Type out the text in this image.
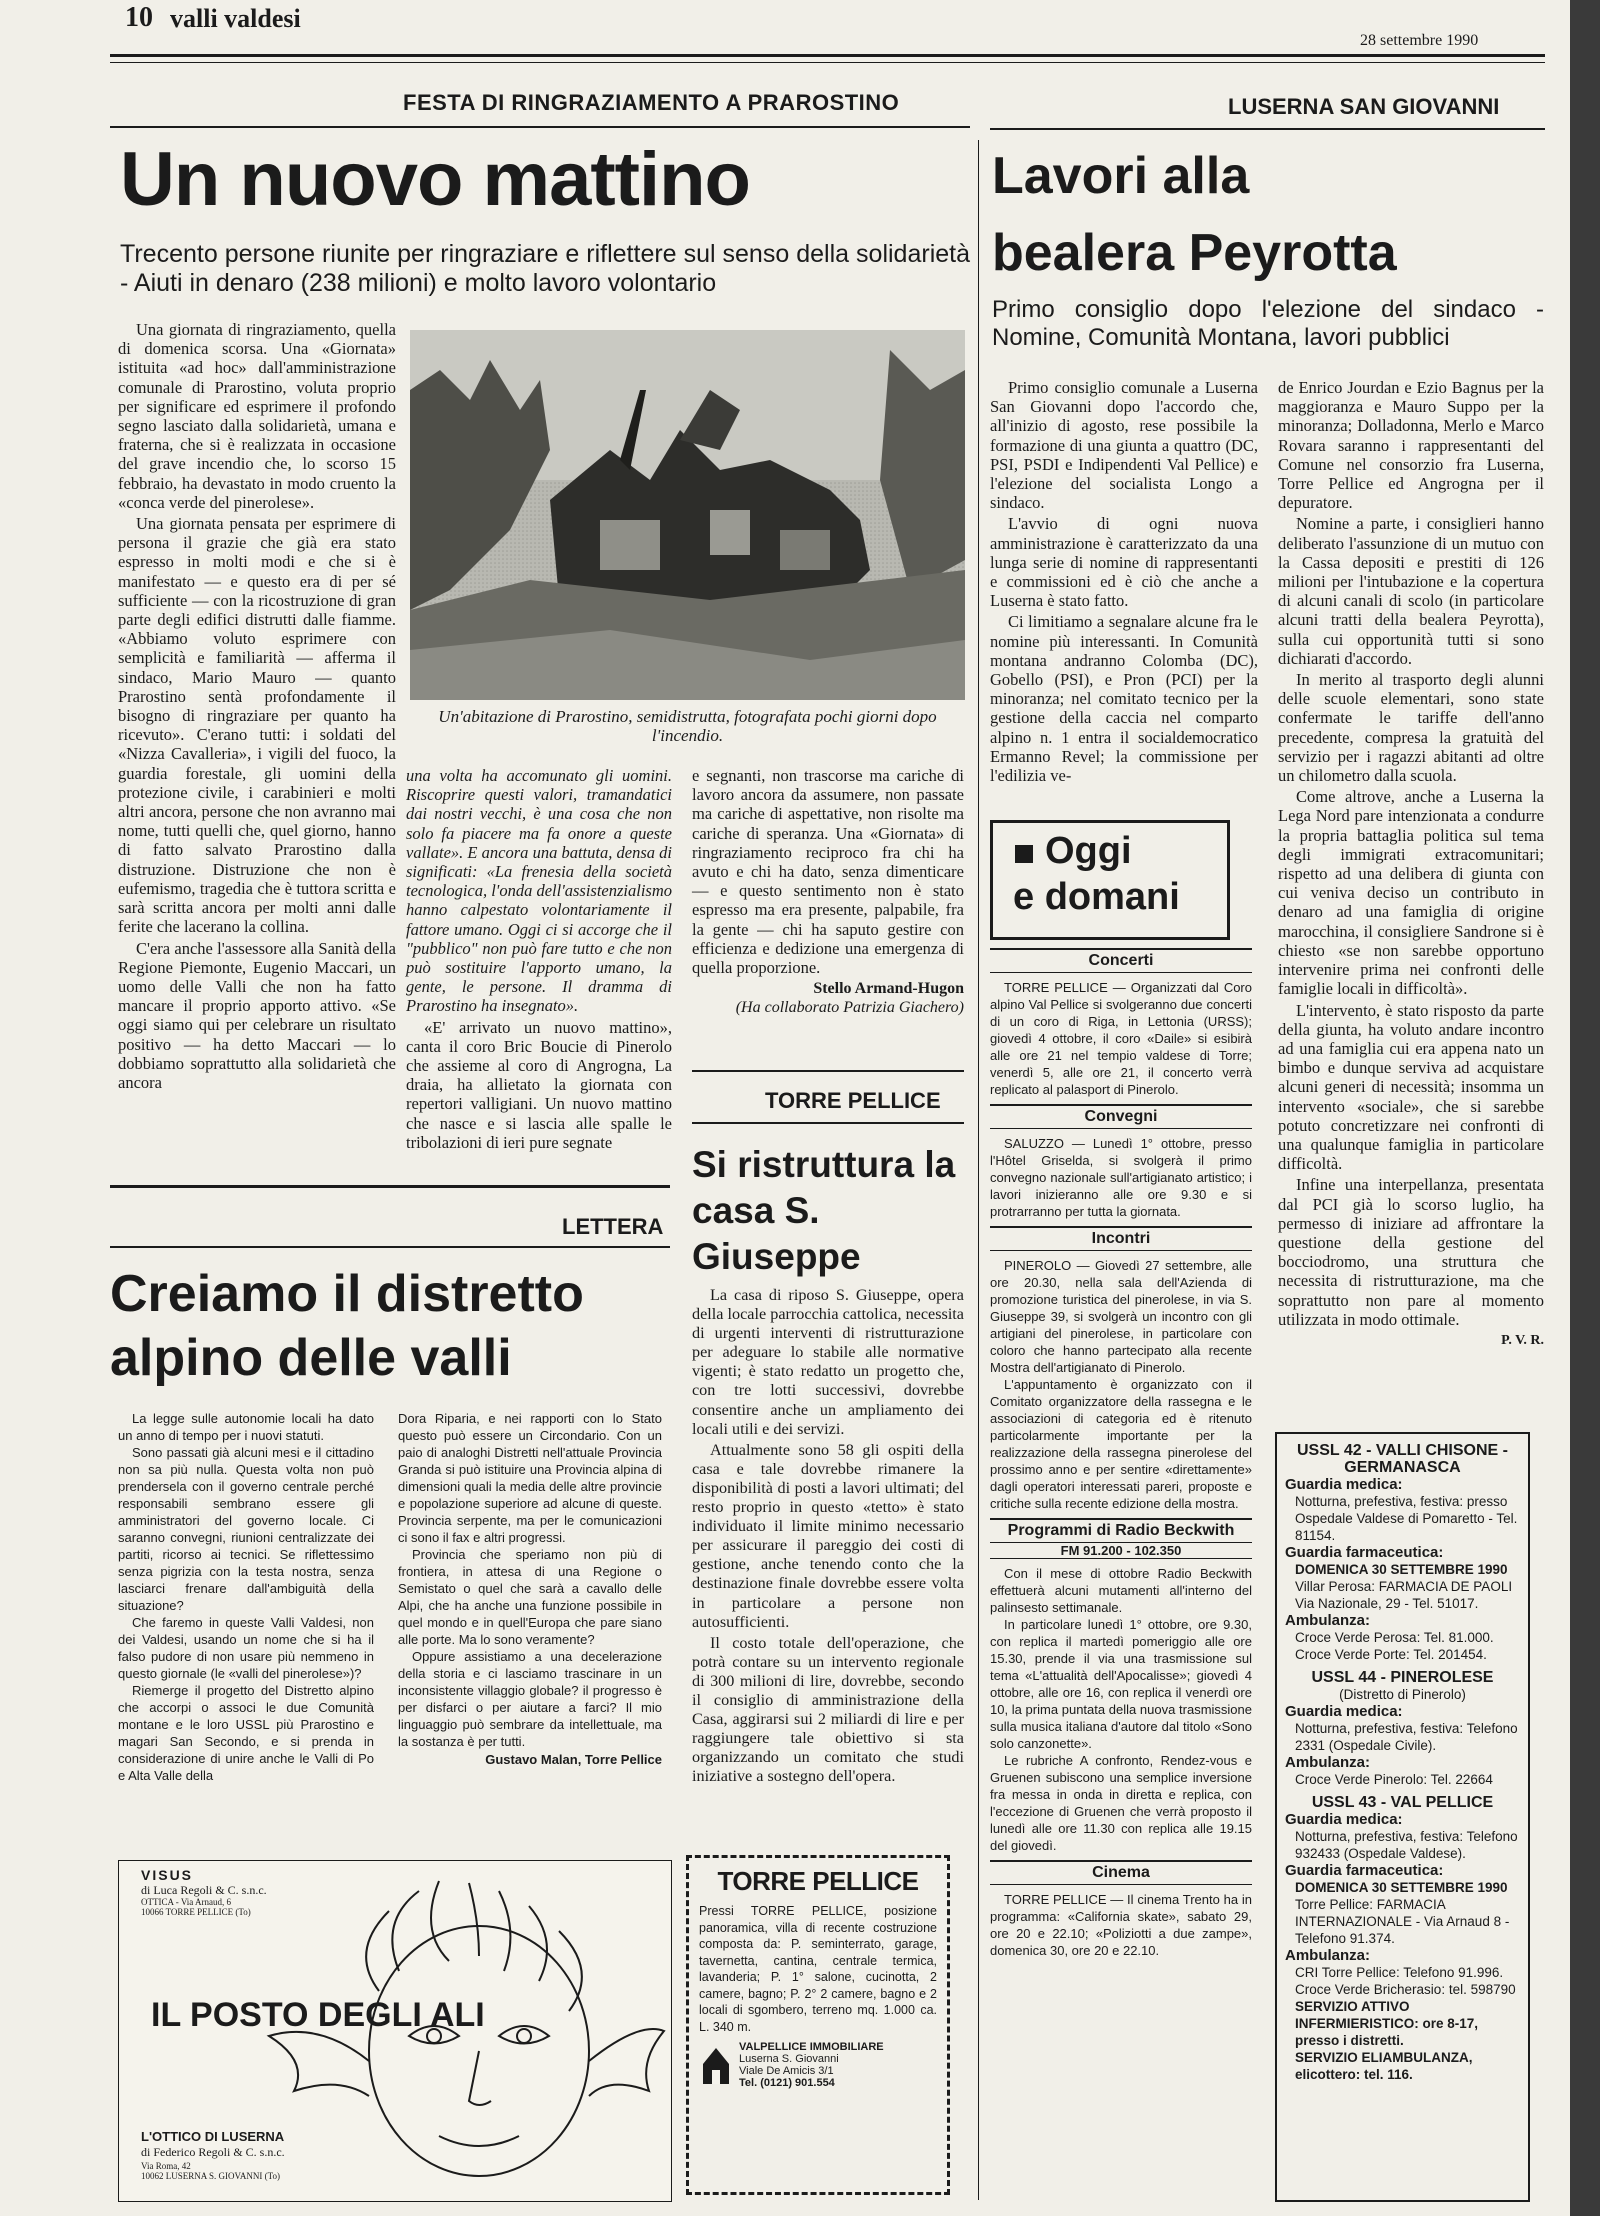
10 valli valdesi
28 settembre 1990
FESTA DI RINGRAZIAMENTO A PRAROSTINO	LUSERNA SAN GIOVANNI
Un nuovo mattino
Trecento persone riunite per ringraziare e riflettere sul senso della solidarietà - Aiuti in denaro (238 milioni) e molto lavoro volontario

Una giornata di ringraziamento, quella di domenica scorsa. Una «Giornata» istituita «ad hoc» dall'amministrazione comunale di Prarostino, voluta proprio per significare ed esprimere il profondo segno lasciato dalla solidarietà, umana e fraterna, che si è realizzata in occasione del grave incendio che, lo scorso 15 febbraio, ha devastato in modo cruento la «conca verde del pinerolese».

Una giornata pensata per esprimere di persona il grazie che già era stato espresso in molti modi e che si è manifestato — e questo era di per sé sufficiente — con la ricostruzione di gran parte degli edifici distrutti dalle fiamme. «Abbiamo voluto esprimere con semplicità e familiarità — afferma il sindaco, Mario Mauro — quanto Prarostino sentà profondamente il bisogno di ringraziare per quanto ha ricevuto». C'erano tutti: i soldati del «Nizza Cavalleria», i vigili del fuoco, la guardia forestale, gli uomini della protezione civile, i carabinieri e molti altri ancora, persone che non avranno mai nome, tutti quelli che, quel giorno, hanno di fatto salvato Prarostino dalla distruzione. Distruzione che non è eufemismo, tragedia che è tuttora scritta e sarà scritta ancora per molti anni dalle ferite che lacerano la collina.

C'era anche l'assessore alla Sanità della Regione Piemonte, Eugenio Maccari, un uomo delle Valli che non ha fatto mancare il proprio apporto attivo. «Se oggi siamo qui per celebrare un risultato positivo — ha detto Maccari — lo dobbiamo soprattutto alla solidarietà che ancora

Un'abitazione di Prarostino, semidistrutta, fotografata pochi giorni dopo l'incendio.

una volta ha accomunato gli uomini. Riscoprire questi valori, tramandatici dai nostri vecchi, è una cosa che non solo fa piacere ma fa onore a queste vallate». E ancora una battuta, densa di significati: «La frenesia della società tecnologica, l'onda dell'assistenzialismo hanno calpestato volontariamente il fattore umano. Oggi ci si accorge che il "pubblico" non può fare tutto e che non può sostituire l'apporto umano, la gente, le persone. Il dramma di Prarostino ha insegnato».

«E' arrivato un nuovo mattino», canta il coro Bric Boucie di Pinerolo che assieme al coro di Angrogna, La draia, ha allietato la giornata con repertori valligiani. Un nuovo mattino che nasce e si lascia alle spalle le tribolazioni di ieri pure segnate

e segnanti, non trascorse ma cariche di lavoro ancora da assumere, non passate ma cariche di aspettative, non risolte ma cariche di speranza. Una «Giornata» di ringraziamento reciproco fra chi ha avuto e chi ha dato, senza dimenticare — e questo sentimento non è stato espresso ma era presente, palpabile, fra la gente — chi ha saputo gestire con efficienza e dedizione una emergenza di quella proporzione.

Stello Armand-Hugon
(Ha collaborato Patrizia Giachero)
LETTERA
Creiamo il distretto alpino delle valli

La legge sulle autonomie locali ha dato un anno di tempo per i nuovi statuti.

Sono passati già alcuni mesi e il cittadino non sa più nulla. Questa volta non può prendersela con il governo centrale perché responsabili sembrano essere gli amministratori del governo locale. Ci saranno convegni, riunioni centralizzate dei partiti, ricorso ai tecnici. Se riflettessimo senza pigrizia con la testa nostra, senza lasciarci frenare dall'ambiguità della situazione?

Che faremo in queste Valli Valdesi, non dei Valdesi, usando un nome che si ha il falso pudore di non usare più nemmeno in questo giornale (le «valli del pinerolese»)?

Riemerge il progetto del Distretto alpino che accorpi o associ le due Comunità montane e le loro USSL più Prarostino e magari San Secondo, e si prenda in considerazione di unire anche le Valli di Po e Alta Valle della

Dora Riparia, e nei rapporti con lo Stato questo può essere un Circondario. Con un paio di analoghi Distretti nell'attuale Provincia Granda si può istituire una Provincia alpina di dimensioni quali la media delle altre provincie e popolazione superiore ad alcune di queste. Provincia serpente, ma per le comunicazioni ci sono il fax e altri progressi.

Provincia che speriamo non più di frontiera, in attesa di una Regione o Semistato o quel che sarà a cavallo delle Alpi, che ha anche una funzione possibile in quel mondo e in quell'Europa che pare siano alle porte. Ma lo sono veramente?

Oppure assistiamo a una decelerazione della storia e ci lasciamo trascinare in un inconsistente villaggio globale? il progresso è per disfarci o per aiutare a farci? Il mio linguaggio può sembrare da intellettuale, ma la sostanza è per tutti.

Gustavo Malan, Torre Pellice
VISUS
di Luca Regoli & C. s.n.c.
OTTICA - Via Arnaud, 6
10066 TORRE PELLICE (To)
IL POSTO DEGLI ALI
L'OTTICO DI LUSERNA
di Federico Regoli & C. s.n.c.
Via Roma, 42
10062 LUSERNA S. GIOVANNI (To)
TORRE PELLICE
Si ristruttura la casa S. Giuseppe

La casa di riposo S. Giuseppe, opera della locale parrocchia cattolica, necessita di urgenti interventi di ristrutturazione per adeguare lo stabile alle normative vigenti; è stato redatto un progetto che, con tre lotti successivi, dovrebbe consentire anche un ampliamento dei locali utili e dei servizi.

Attualmente sono 58 gli ospiti della casa e tale dovrebbe rimanere la disponibilità di posti a lavori ultimati; del resto proprio in questo «tetto» è stato individuato il limite minimo necessario per assicurare il pareggio dei costi di gestione, anche tenendo conto che la destinazione finale dovrebbe essere volta in particolare a persone non autosufficienti.

Il costo totale dell'operazione, che potrà contare su un intervento regionale di 300 milioni di lire, dovrebbe, secondo il consiglio di amministrazione della Casa, aggirarsi sui 2 miliardi di lire e per raggiungere tale obiettivo si sta organizzando un comitato che studi iniziative a sostegno dell'opera.

TORRE PELLICE

Pressi TORRE PELLICE, posizione panoramica, villa di recente costruzione composta da: P. seminterrato, garage, tavernetta, cantina, centrale termica, lavanderia; P. 1° salone, cucinotta, 2 camere, bagno; P. 2° 2 camere, bagno e 2 locali di sgombero, terreno mq. 1.000 ca. L. 340 m.

VALPELLICE IMMOBILIARE
Luserna S. Giovanni
Viale De Amicis 3/1
Tel. (0121) 901.554
Lavori alla
bealera Peyrotta
Primo consiglio dopo l'elezione del sindaco - Nomine, Comunità Montana, lavori pubblici

Primo consiglio comunale a Luserna San Giovanni dopo l'accordo che, all'inizio di agosto, rese possibile la formazione di una giunta a quattro (DC, PSI, PSDI e Indipendenti Val Pellice) e l'elezione del socialista Longo a sindaco.

L'avvio di ogni nuova amministrazione è caratterizzato da una lunga serie di nomine di rappresentanti e commissioni ed è ciò che anche a Luserna è stato fatto.

Ci limitiamo a segnalare alcune fra le nomine più interessanti. In Comunità montana andranno Colomba (DC), Gobello (PSI), e Pron (PCI) per la minoranza; nel comitato tecnico per la gestione della caccia nel comparto alpino n. 1 entra il socialdemocratico Ermanno Revel; la commissione per l'edilizia ve-

de Enrico Jourdan e Ezio Bagnus per la maggioranza e Mauro Suppo per la minoranza; Dolladonna, Merlo e Marco Rovara saranno i rappresentanti del Comune nel consorzio fra Luserna, Torre Pellice ed Angrogna per il depuratore.

Nomine a parte, i consiglieri hanno deliberato l'assunzione di un mutuo con la Cassa depositi e prestiti di 126 milioni per l'intubazione e la copertura di alcuni canali di scolo (in particolare alcuni tratti della bealera Peyrotta), sulla cui opportunità tutti si sono dichiarati d'accordo.

In merito al trasporto degli alunni delle scuole elementari, sono state confermate le tariffe dell'anno precedente, compresa la gratuità del servizio per i ragazzi abitanti ad oltre un chilometro dalla scuola.

Come altrove, anche a Luserna la Lega Nord pare intenzionata a condurre la propria battaglia politica sul tema degli immigrati extracomunitari; rispetto ad una delibera di giunta con cui veniva deciso un contributo in denaro ad una famiglia di origine marocchina, il consigliere Sandrone si è chiesto «se non sarebbe opportuno intervenire prima nei confronti delle famiglie locali in difficoltà».

L'intervento, è stato risposto da parte della giunta, ha voluto andare incontro ad una famiglia cui era appena nato un bimbo e dunque serviva ad acquistare alcuni generi di necessità; insomma un intervento «sociale», che si sarebbe potuto concretizzare nei confronti di una qualunque famiglia in particolare difficoltà.

Infine una interpellanza, presentata dal PCI già lo scorso luglio, ha permesso di iniziare ad affrontare la questione della gestione del bocciodromo, una struttura che necessita di ristrutturazione, ma che soprattutto non pare al momento utilizzata in modo ottimale.

P. V. R.
Oggi
e domani
Concerti

TORRE PELLICE — Organizzati dal Coro alpino Val Pellice si svolgeranno due concerti di un coro di Riga, in Lettonia (URSS); giovedì 4 ottobre, il coro «Daile» si esibirà alle ore 21 nel tempio valdese di Torre; venerdì 5, alle ore 21, il concerto verrà replicato al palasport di Pinerolo.

Convegni

SALUZZO — Lunedì 1° ottobre, presso l'Hôtel Griselda, si svolgerà il primo convegno nazionale sull'artigianato artistico; i lavori inizieranno alle ore 9.30 e si protrarranno per tutta la giornata.

Incontri

PINEROLO — Giovedì 27 settembre, alle ore 20.30, nella sala dell'Azienda di promozione turistica del pinerolese, in via S. Giuseppe 39, si svolgerà un incontro con gli artigiani del pinerolese, in particolare con coloro che hanno partecipato alla recente Mostra dell'artigianato di Pinerolo.

L'appuntamento è organizzato con il Comitato organizzatore della rassegna e le associazioni di categoria ed è ritenuto particolarmente importante per la realizzazione della rassegna pinerolese del prossimo anno e per sentire «direttamente» dagli operatori interessati pareri, proposte e critiche sulla recente edizione della mostra.

Programmi di Radio Beckwith
FM 91.200 - 102.350

Con il mese di ottobre Radio Beckwith effettuerà alcuni mutamenti all'interno del palinsesto settimanale.

In particolare lunedì 1° ottobre, ore 9.30, con replica il martedì pomeriggio alle ore 15.30, prende il via una trasmissione sul tema «L'attualità dell'Apocalisse»; giovedì 4 ottobre, alle ore 16, con replica il venerdì ore 10, la prima puntata della nuova trasmissione sulla musica italiana d'autore dal titolo «Sono solo canzonette».

Le rubriche A confronto, Rendez-vous e Gruenen subiscono una semplice inversione fra messa in onda in diretta e replica, con l'eccezione di Gruenen che verrà proposto il lunedì alle ore 11.30 con replica alle 19.15 del giovedì.

Cinema

TORRE PELLICE — Il cinema Trento ha in programma: «California skate», sabato 29, ore 20 e 22.10; «Poliziotti a due zampe», domenica 30, ore 20 e 22.10.

USSL 42 - VALLI CHISONE - GERMANASCA
Guardia medica:
Notturna, prefestiva, festiva: presso Ospedale Valdese di Pomaretto - Tel. 81154.
Guardia farmaceutica:
DOMENICA 30 SETTEMBRE 1990
Villar Perosa: FARMACIA DE PAOLI Via Nazionale, 29 - Tel. 51017.
Ambulanza:
Croce Verde Perosa: Tel. 81.000.
Croce Verde Porte: Tel. 201454.
USSL 44 - PINEROLESE
(Distretto di Pinerolo)
Guardia medica:
Notturna, prefestiva, festiva: Telefono 2331 (Ospedale Civile).
Ambulanza:
Croce Verde Pinerolo: Tel. 22664
USSL 43 - VAL PELLICE
Guardia medica:
Notturna, prefestiva, festiva: Telefono 932433 (Ospedale Valdese).
Guardia farmaceutica:
DOMENICA 30 SETTEMBRE 1990
Torre Pellice: FARMACIA INTERNAZIONALE - Via Arnaud 8 - Telefono 91.374.
Ambulanza:
CRI Torre Pellice: Telefono 91.996.
Croce Verde Bricherasio: tel. 598790
SERVIZIO ATTIVO INFERMIERISTICO: ore 8-17, presso i distretti.
SERVIZIO ELIAMBULANZA, elicottero: tel. 116.
